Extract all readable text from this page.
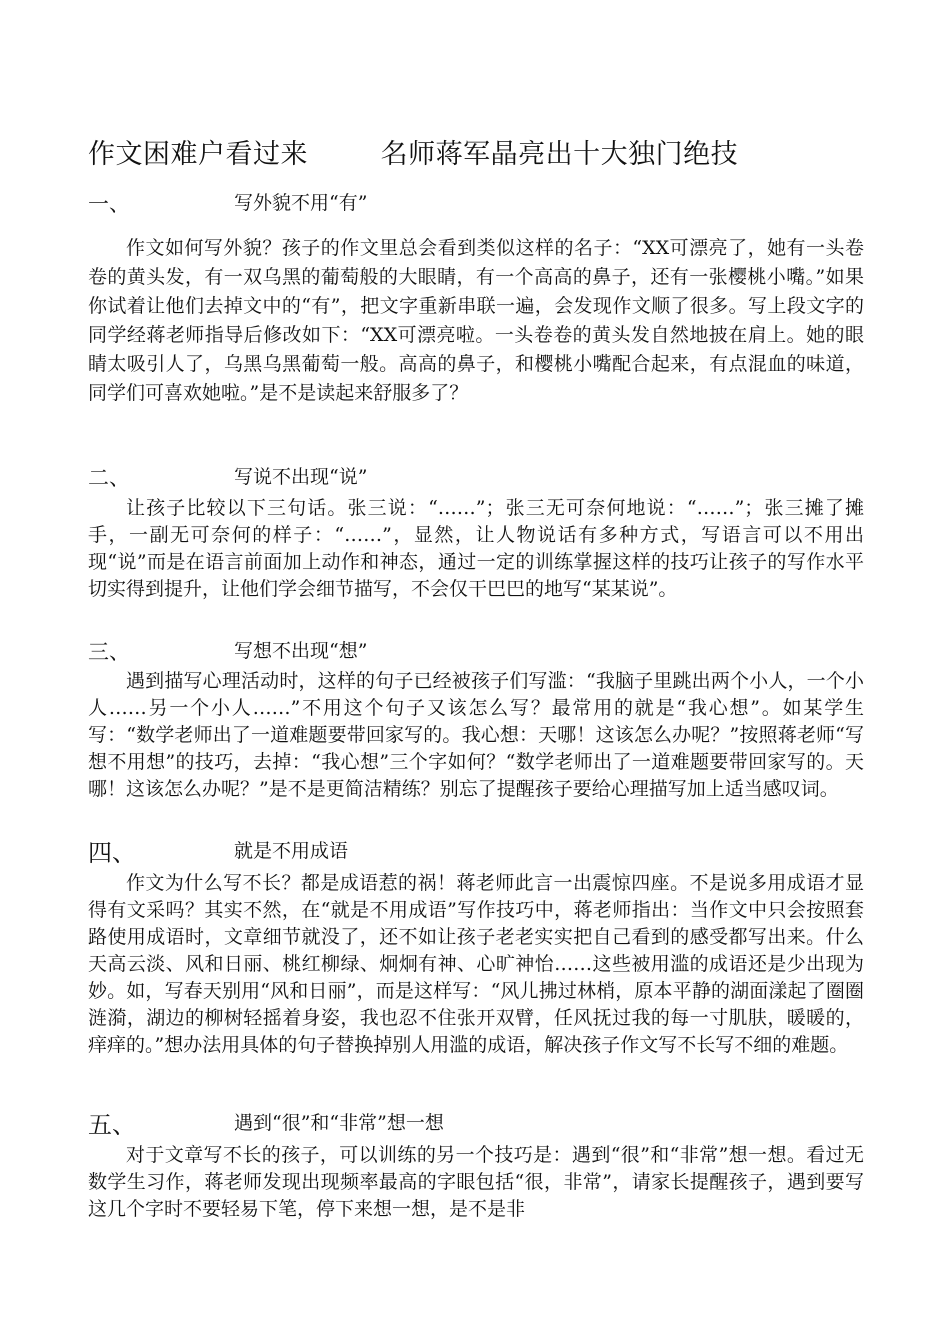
作文困难户看过来        名师蒋军晶亮出十大独门绝技
一、	写外貌不用“有”

作文如何写外貌？孩子的作文里总会看到类似这样的名子：“XX可漂亮了，她有一头卷卷的黄头发，有一双乌黑的葡萄般的大眼睛，有一个高高的鼻子，还有一张樱桃小嘴。”如果你试着让他们去掉文中的“有”，把文字重新串联一遍，会发现作文顺了很多。写上段文字的同学经蒋老师指导后修改如下：“XX可漂亮啦。一头卷卷的黄头发自然地披在肩上。她的眼睛太吸引人了，乌黑乌黑葡萄一般。高高的鼻子，和樱桃小嘴配合起来，有点混血的味道，同学们可喜欢她啦。”是不是读起来舒服多了？

二、	写说不出现“说”

让孩子比较以下三句话。张三说：“……”；张三无可奈何地说：“……”；张三摊了摊手，一副无可奈何的样子：“……”，显然，让人物说话有多种方式，写语言可以不用出现“说”而是在语言前面加上动作和神态，通过一定的训练掌握这样的技巧让孩子的写作水平切实得到提升，让他们学会细节描写，不会仅干巴巴的地写“某某说”。

三、	写想不出现“想”

遇到描写心理活动时，这样的句子已经被孩子们写滥：“我脑子里跳出两个小人，一个小人……另一个小人……”不用这个句子又该怎么写？最常用的就是“我心想”。如某学生写：“数学老师出了一道难题要带回家写的。我心想：天哪！这该怎么办呢？”按照蒋老师“写想不用想”的技巧，去掉：“我心想”三个字如何？“数学老师出了一道难题要带回家写的。天哪！这该怎么办呢？”是不是更简洁精练？别忘了提醒孩子要给心理描写加上适当感叹词。

四、	就是不用成语

作文为什么写不长？都是成语惹的祸！蒋老师此言一出震惊四座。不是说多用成语才显得有文采吗？其实不然，在“就是不用成语”写作技巧中，蒋老师指出：当作文中只会按照套路使用成语时，文章细节就没了，还不如让孩子老老实实把自己看到的感受都写出来。什么天高云淡、风和日丽、桃红柳绿、炯炯有神、心旷神怡……这些被用滥的成语还是少出现为妙。如，写春天别用“风和日丽”，而是这样写：“风儿拂过林梢，原本平静的湖面漾起了圈圈涟漪，湖边的柳树轻摇着身姿，我也忍不住张开双臂，任风抚过我的每一寸肌肤，暖暖的，痒痒的。”想办法用具体的句子替换掉别人用滥的成语，解决孩子作文写不长写不细的难题。

五、	遇到“很”和“非常”想一想

对于文章写不长的孩子，可以训练的另一个技巧是：遇到“很”和“非常”想一想。看过无数学生习作，蒋老师发现出现频率最高的字眼包括“很，非常”，请家长提醒孩子，遇到要写这几个字时不要轻易下笔，停下来想一想，是不是非
